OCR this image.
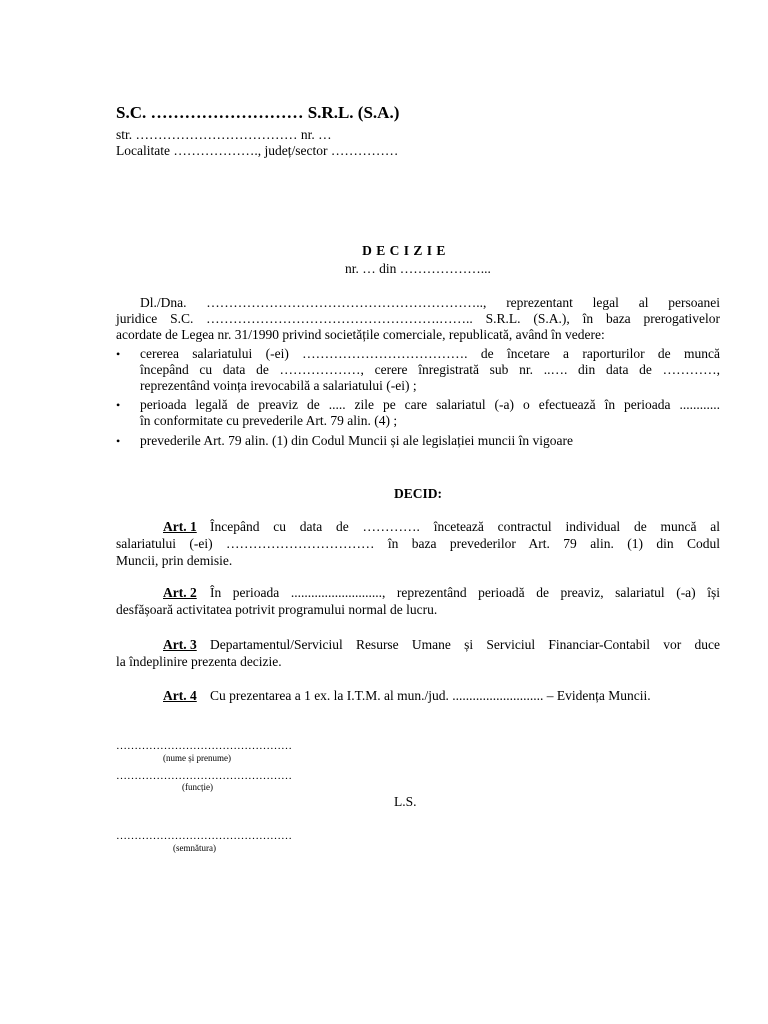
S.C. ……………………… S.R.L. (S.A.)
str. ……………………………… nr. …
Localitate ………………., județ/sector ……………
D E C I Z I E
nr. … din ………………...
Dl./Dna. …………………………………………………….., reprezentant legal al persoanei
juridice S.C. …………………………………………….…….. S.R.L. (S.A.), în baza prerogativelor
acordate de Legea nr. 31/1990 privind societățile comerciale, republicată, având în vedere:
• cererea salariatului (-ei) ………………………………. de încetare a raporturilor de muncă
începând cu data de ………………, cerere înregistrată sub nr. ..…. din data de …………,
reprezentând voința irevocabilă a salariatului (-ei) ;
• perioada legală de preaviz de ..... zile pe care salariatul (-a) o efectuează în perioada ............
în conformitate cu prevederile Art. 79 alin. (4) ;
• prevederile Art. 79 alin. (1) din Codul Muncii și ale legislației muncii în vigoare
DECID:
Art. 1 Începând cu data de …………. încetează contractul individual de muncă al
salariatului (-ei) …………………………… în baza prevederilor Art. 79 alin. (1) din Codul
Muncii, prin demisie.
Art. 2 În perioada ..........................., reprezentând perioadă de preaviz, salariatul (-a) își
desfășoară activitatea potrivit programului normal de lucru.
Art. 3 Departamentul/Serviciul Resurse Umane și Serviciul Financiar-Contabil vor duce
la îndeplinire prezenta decizie.
Art. 4 Cu prezentarea a 1 ex. la I.T.M. al mun./jud. ........................... – Evidența Muncii.
…………………………………………
(nume și prenume)
…………………………………………
(funcție)
L.S.
…………………………………………
(semnătura)
